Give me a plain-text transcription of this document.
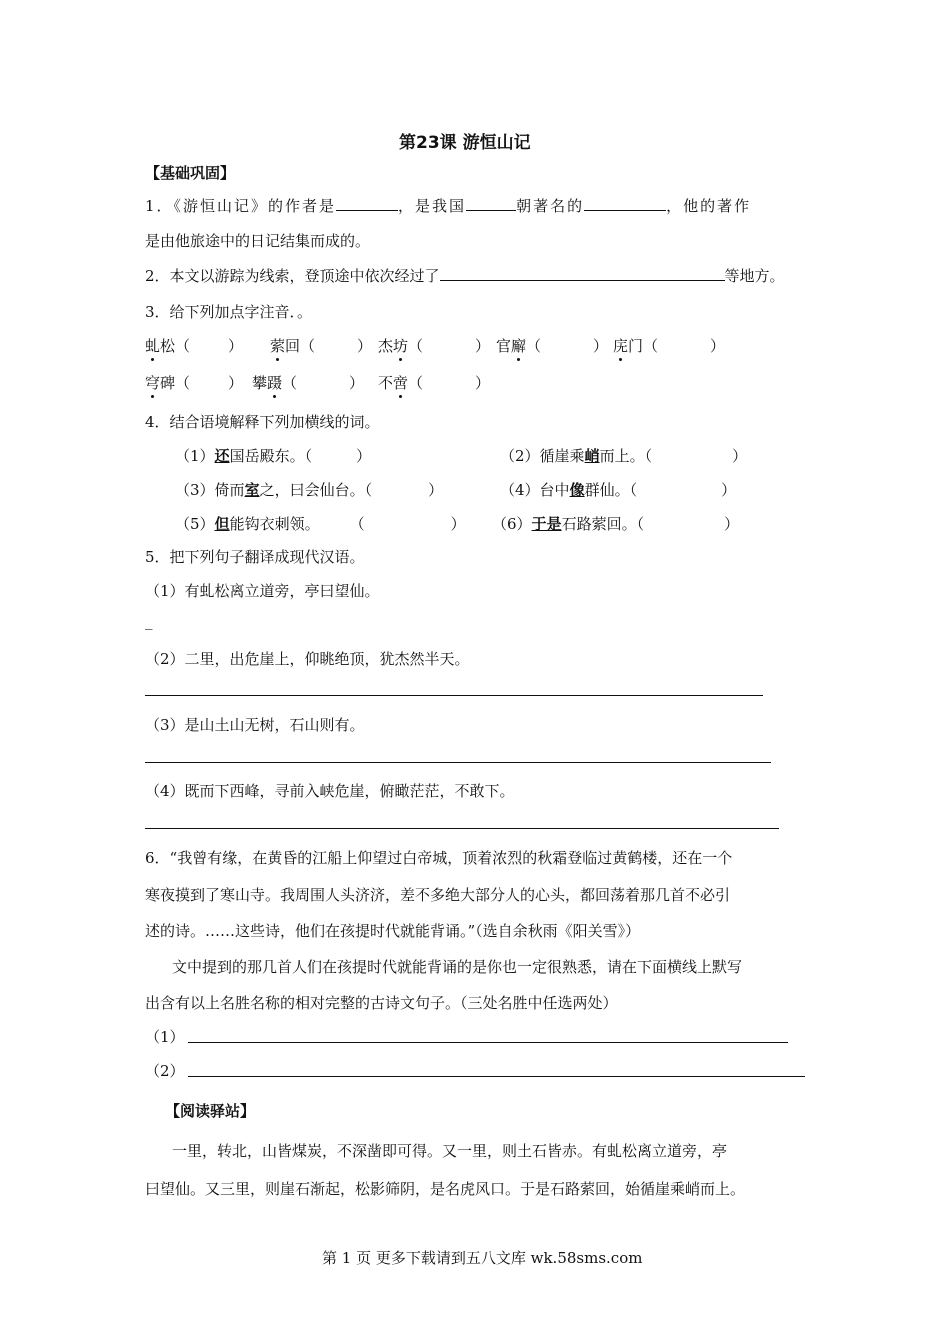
第23课 游恒山记
【基础巩固】
1．《游恒山记》的作者是	，是我国	朝著名的	，他的著作
是由他旅途中的日记结集而成的。
2．本文以游踪为线索，登顶途中依次经过了	等地方。
3．给下列加点字注音．。
虬松（	） 萦回（	） 杰坊（	） 官廨（	） 庑门（	）
穹碑（	） 攀蹑（	） 不啻（	）
4．结合语境解释下列加横线的词。
（1）还国岳殿东。（	）	（2）循崖乘峭而上。（	）
（3）倚而室之，曰会仙台。（	）	（4）台中像群仙。（	）
（5）但能钩衣刺领。 （	） （6）于是石路萦回。（	）
5．把下列句子翻译成现代汉语。
（1）有虬松离立道旁，亭曰望仙。
_
（2）二里，出危崖上，仰眺绝顶，犹杰然半天。
（3）是山土山无树，石山则有。
（4）既而下西峰，寻前入峡危崖，俯瞰茫茫，不敢下。
6．“我曾有缘，在黄昏的江船上仰望过白帝城，顶着浓烈的秋霜登临过黄鹤楼，还在一个
寒夜摸到了寒山寺。我周围人头济济，差不多绝大部分人的心头，都回荡着那几首不必引
述的诗。……这些诗，他们在孩提时代就能背诵。”（选自余秋雨《阳关雪》）
文中提到的那几首人们在孩提时代就能背诵的是你也一定很熟悉，请在下面横线上默写
出含有以上名胜名称的相对完整的古诗文句子。（三处名胜中任选两处）
（1）
（2）
【阅读驿站】
一里，转北，山皆煤炭，不深凿即可得。又一里，则土石皆赤。有虬松离立道旁，亭
曰望仙。又三里，则崖石渐起，松影筛阴，是名虎风口。于是石路萦回，始循崖乘峭而上。
第 1 页 更多下载请到五八文库 wk.58sms.com
